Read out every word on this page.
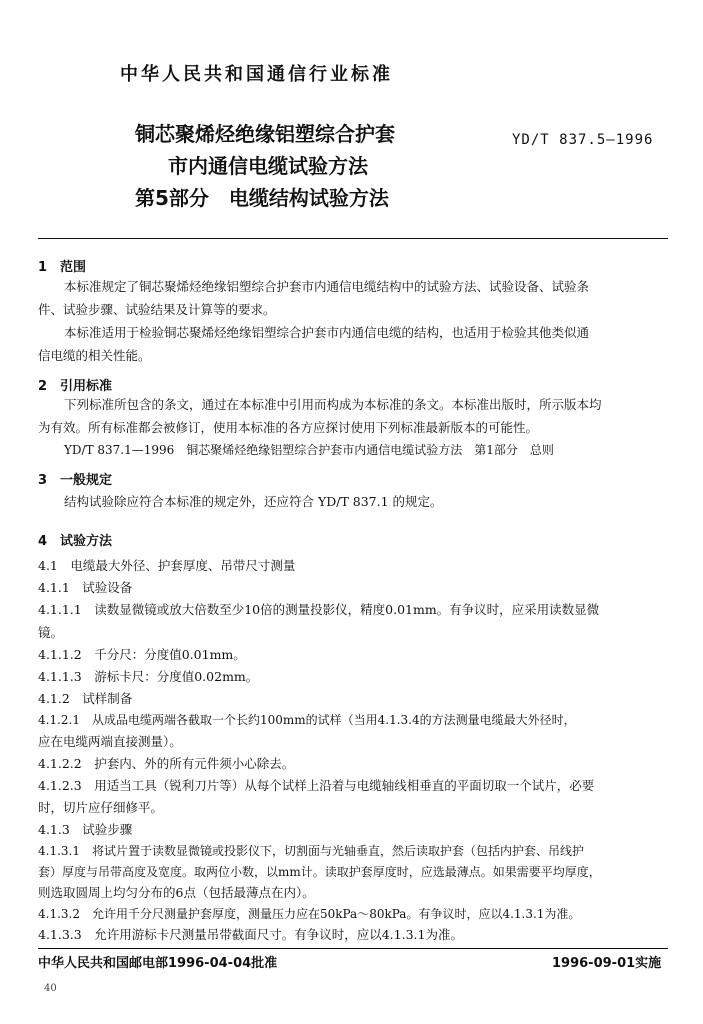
中华人民共和国通信行业标准
铜芯聚烯烃绝缘铝塑综合护套
市内通信电缆试验方法
第5部分　电缆结构试验方法
YD/T 837.5—1996
1　范围
本标准规定了铜芯聚烯烃绝缘铝塑综合护套市内通信电缆结构中的试验方法、试验设备、试验条
件、试验步骤、试验结果及计算等的要求。
本标准适用于检验铜芯聚烯烃绝缘铝塑综合护套市内通信电缆的结构，也适用于检验其他类似通
信电缆的相关性能。
2　引用标准
下列标准所包含的条文，通过在本标准中引用而构成为本标准的条文。本标准出版时，所示版本均
为有效。所有标准都会被修订，使用本标准的各方应探讨使用下列标准最新版本的可能性。
YD/T 837.1—1996　铜芯聚烯烃绝缘铝塑综合护套市内通信电缆试验方法　第1部分　总则
3　一般规定
结构试验除应符合本标准的规定外，还应符合 YD/T 837.1 的规定。
4　试验方法
4.1　电缆最大外径、护套厚度、吊带尺寸测量
4.1.1　试验设备
4.1.1.1　读数显微镜或放大倍数至少10倍的测量投影仪，精度0.01mm。有争议时，应采用读数显微
镜。
4.1.1.2　千分尺：分度值0.01mm。
4.1.1.3　游标卡尺：分度值0.02mm。
4.1.2　试样制备
4.1.2.1　从成品电缆两端各截取一个长约100mm的试样（当用4.1.3.4的方法测量电缆最大外径时，
应在电缆两端直接测量）。
4.1.2.2　护套内、外的所有元件须小心除去。
4.1.2.3　用适当工具（锐利刀片等）从每个试样上沿着与电缆轴线相垂直的平面切取一个试片，必要
时，切片应仔细修平。
4.1.3　试验步骤
4.1.3.1　将试片置于读数显微镜或投影仪下，切割面与光轴垂直，然后读取护套（包括内护套、吊线护
套）厚度与吊带高度及宽度。取两位小数，以mm计。读取护套厚度时，应选最薄点。如果需要平均厚度，
则选取圆周上均匀分布的6点（包括最薄点在内）。
4.1.3.2　允许用千分尺测量护套厚度，测量压力应在50kPa～80kPa。有争议时，应以4.1.3.1为准。
4.1.3.3　允许用游标卡尺测量吊带截面尺寸。有争议时，应以4.1.3.1为准。
中华人民共和国邮电部1996-04-04批准	1996-09-01实施
40
